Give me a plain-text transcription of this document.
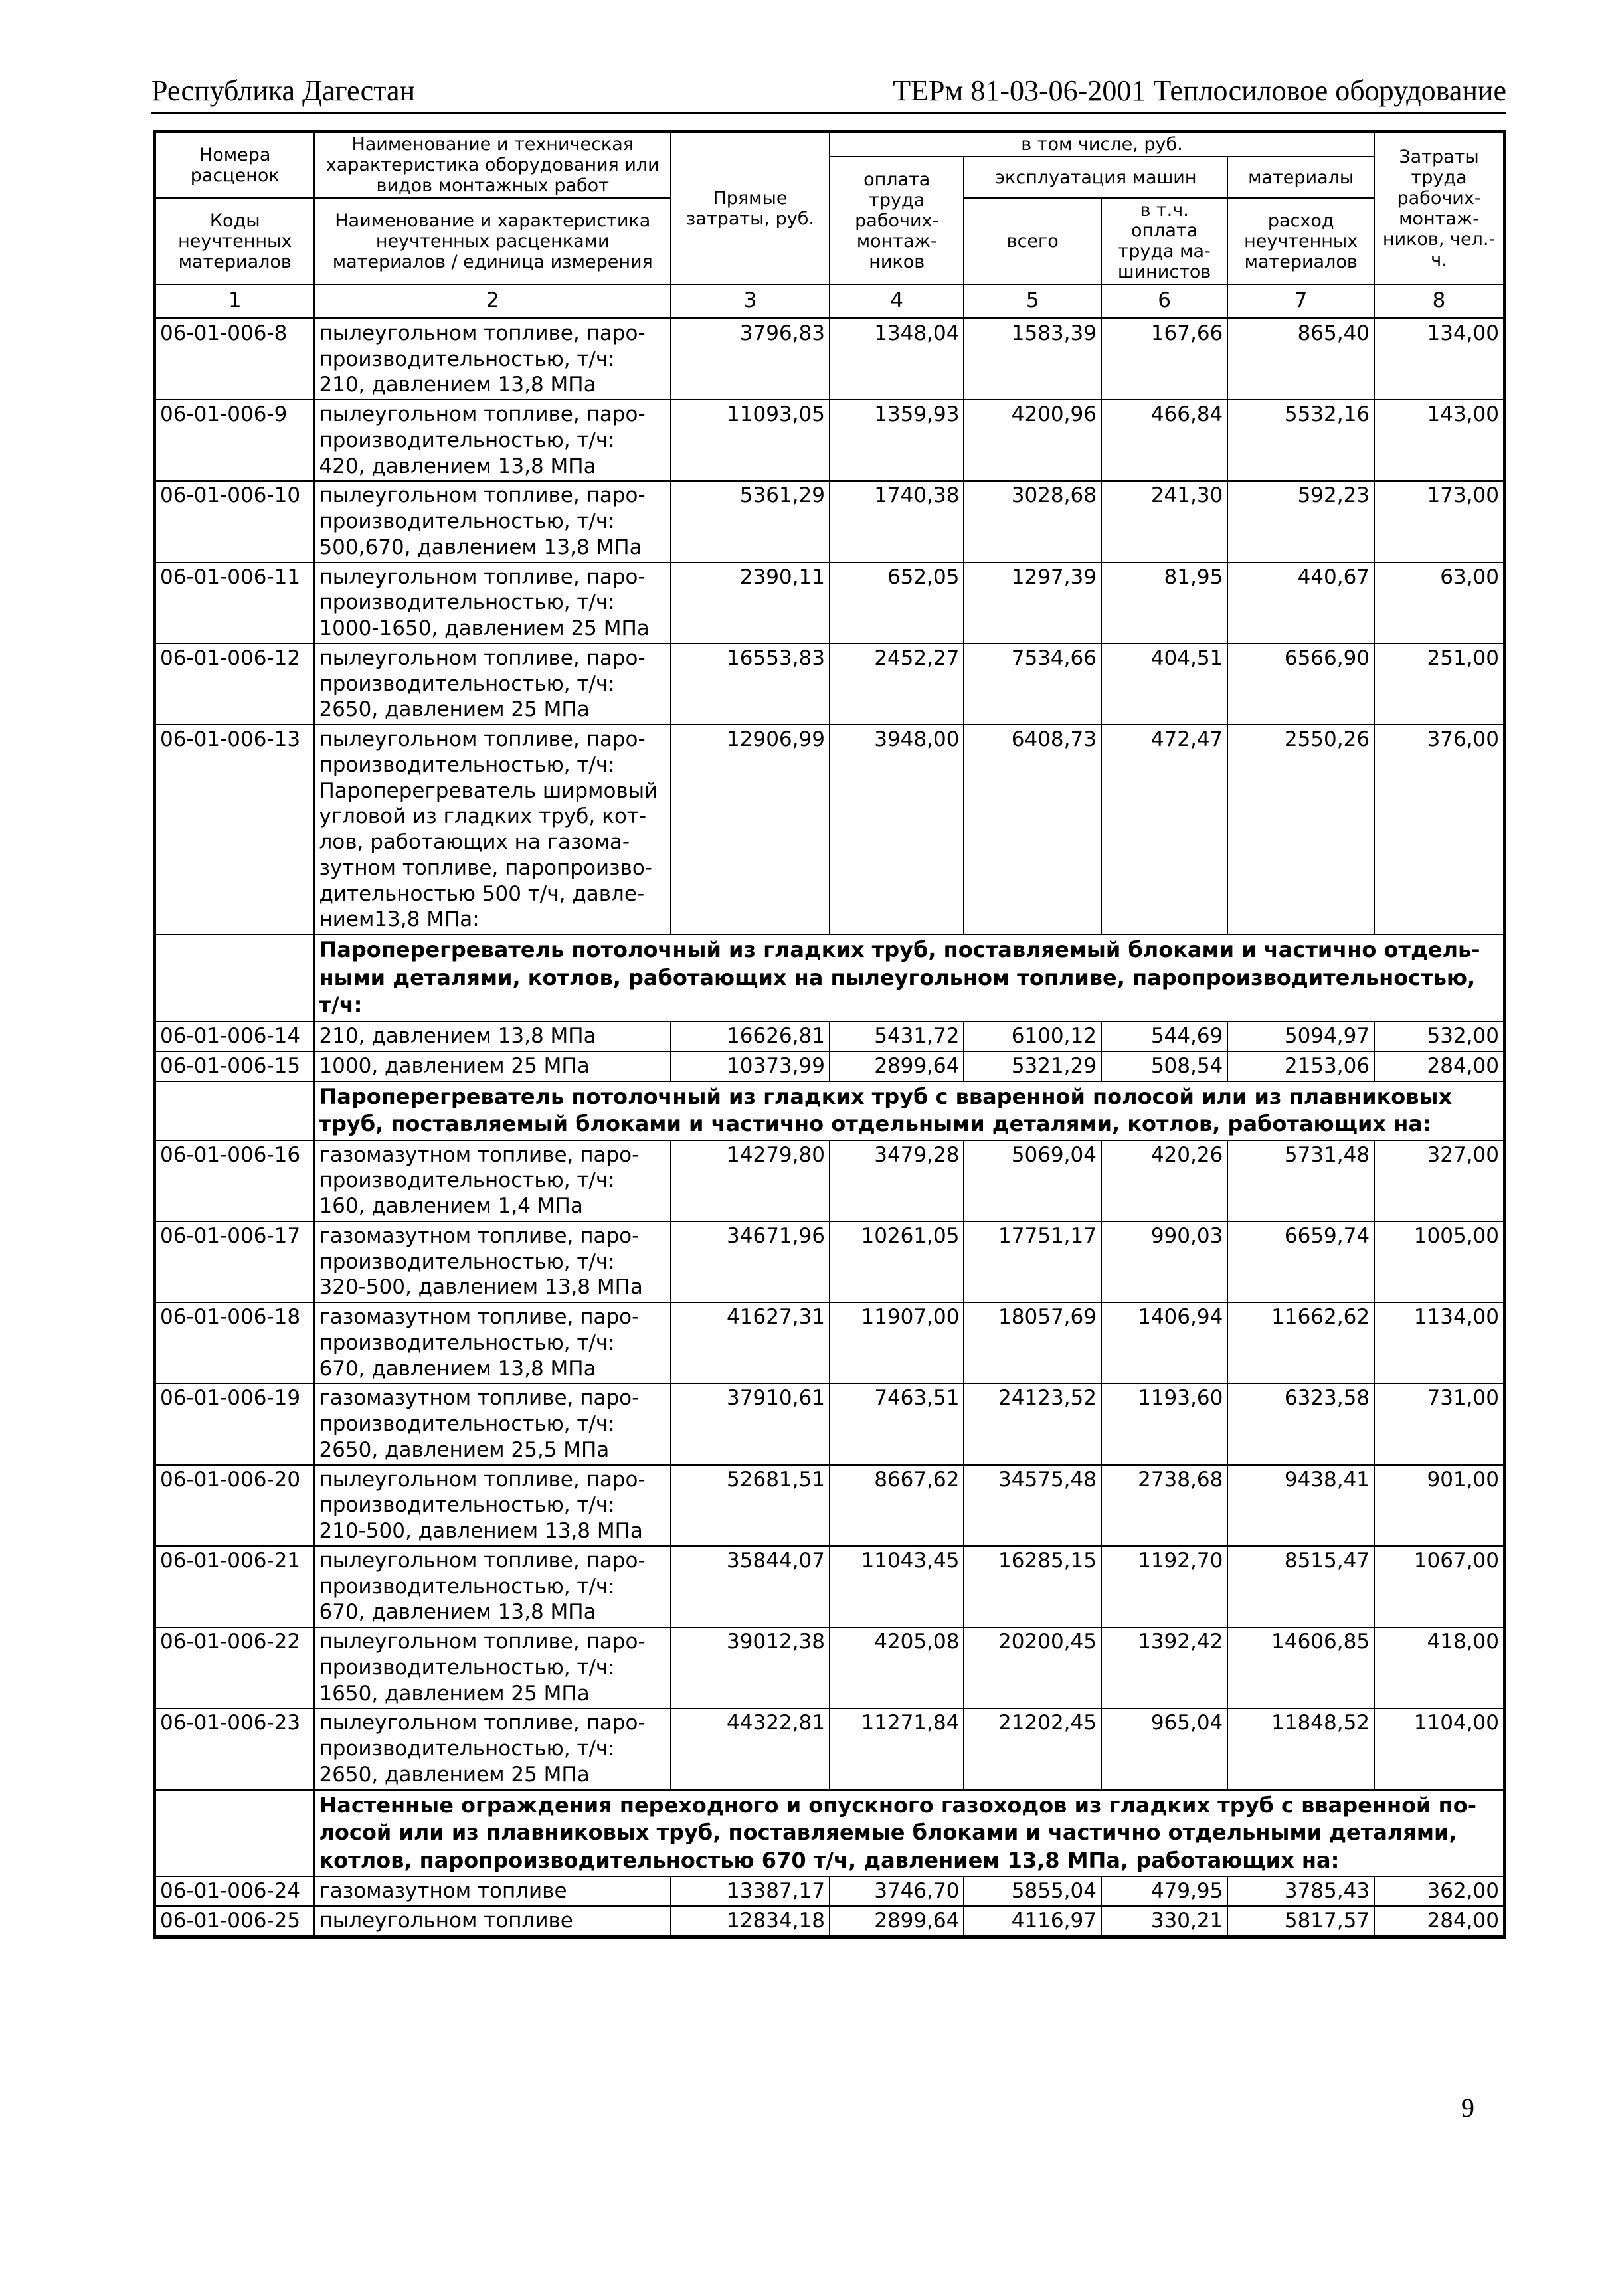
Республика Дагестан	ТЕРм 81-03-06-2001 Теплосиловое оборудование
Номера расценок	Наименование и техническая характеристика оборудования или видов монтажных работ	Прямые затраты, руб.	в том числе, руб.				Затраты труда рабочих-монтаж-ников, чел.-ч.
			оплата труда рабочих-монтаж-ников	эксплуатация машин		материалы	
Коды неучтенных материалов	Наименование и характеристика неучтенных расценками материалов / единица измерения			всего	в т.ч. оплата труда ма-шинистов	расход неучтенных материалов	

1	2	3	4	5	6	7	8
06-01-006-8	пылеугольном топливе, паро-производительностью, т/ч: 210, давлением 13,8 МПа	3796,83	1348,04	1583,39	167,66	865,40	134,00
06-01-006-9	пылеугольном топливе, паро-производительностью, т/ч: 420, давлением 13,8 МПа	11093,05	1359,93	4200,96	466,84	5532,16	143,00
06-01-006-10	пылеугольном топливе, паро-производительностью, т/ч: 500,670, давлением 13,8 МПа	5361,29	1740,38	3028,68	241,30	592,23	173,00
06-01-006-11	пылеугольном топливе, паро-производительностью, т/ч: 1000-1650, давлением 25 МПа	2390,11	652,05	1297,39	81,95	440,67	63,00
06-01-006-12	пылеугольном топливе, паро-производительностью, т/ч: 2650, давлением 25 МПа	16553,83	2452,27	7534,66	404,51	6566,90	251,00
06-01-006-13	пылеугольном топливе, паро-производительностью, т/ч: Пароперегреватель ширмовый угловой из гладких труб, кот-лов, работающих на газома-зутном топливе, паропроизво-дительностью 500 т/ч, давле-нием13,8 МПа:	12906,99	3948,00	6408,73	472,47	2550,26	376,00
	Пароперегреватель потолочный из гладких труб, поставляемый блоками и частично отдель-ными деталями, котлов, работающих на пылеугольном топливе, паропроизводительностью, т/ч:						
06-01-006-14	210, давлением 13,8 МПа	16626,81	5431,72	6100,12	544,69	5094,97	532,00
06-01-006-15	1000, давлением 25 МПа	10373,99	2899,64	5321,29	508,54	2153,06	284,00
	Пароперегреватель потолочный из гладких труб с вваренной полосой или из плавниковых труб, поставляемый блоками и частично отдельными деталями, котлов, работающих на:						
06-01-006-16	газомазутном топливе, паро-производительностью, т/ч: 160, давлением 1,4 МПа	14279,80	3479,28	5069,04	420,26	5731,48	327,00
06-01-006-17	газомазутном топливе, паро-производительностью, т/ч: 320-500, давлением 13,8 МПа	34671,96	10261,05	17751,17	990,03	6659,74	1005,00
06-01-006-18	газомазутном топливе, паро-производительностью, т/ч: 670, давлением 13,8 МПа	41627,31	11907,00	18057,69	1406,94	11662,62	1134,00
06-01-006-19	газомазутном топливе, паро-производительностью, т/ч: 2650, давлением 25,5 МПа	37910,61	7463,51	24123,52	1193,60	6323,58	731,00
06-01-006-20	пылеугольном топливе, паро-производительностью, т/ч: 210-500, давлением 13,8 МПа	52681,51	8667,62	34575,48	2738,68	9438,41	901,00
06-01-006-21	пылеугольном топливе, паро-производительностью, т/ч: 670, давлением 13,8 МПа	35844,07	11043,45	16285,15	1192,70	8515,47	1067,00
06-01-006-22	пылеугольном топливе, паро-производительностью, т/ч: 1650, давлением 25 МПа	39012,38	4205,08	20200,45	1392,42	14606,85	418,00
06-01-006-23	пылеугольном топливе, паро-производительностью, т/ч: 2650, давлением 25 МПа	44322,81	11271,84	21202,45	965,04	11848,52	1104,00
	Настенные ограждения переходного и опускного газоходов из гладких труб с вваренной по-лосой или из плавниковых труб, поставляемые блоками и частично отдельными деталями, котлов, паропроизводительностью 670 т/ч, давлением 13,8 МПа, работающих на:						
06-01-006-24	газомазутном топливе	13387,17	3746,70	5855,04	479,95	3785,43	362,00
06-01-006-25	пылеугольном топливе	12834,18	2899,64	4116,97	330,21	5817,57	284,00
9
